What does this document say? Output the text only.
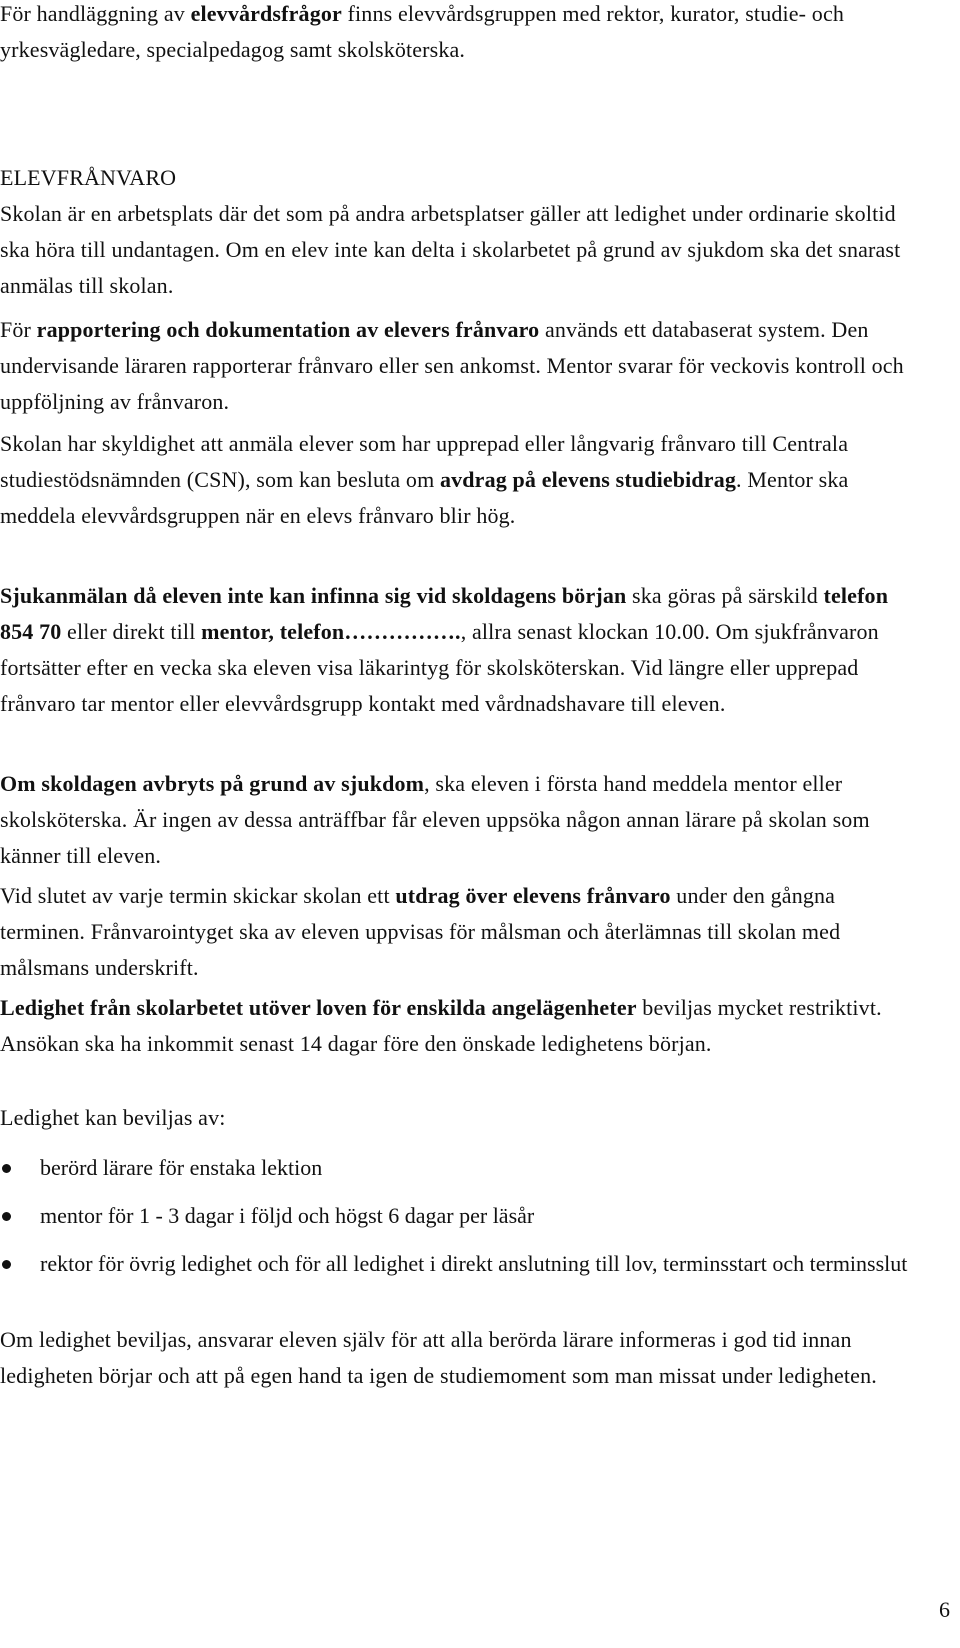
För handläggning av elevvårdsfrågor finns elevvårdsgruppen med rektor, kurator, studie- och yrkesvägledare, specialpedagog samt skolsköterska.

ELEVFRÅNVARO

Skolan är en arbetsplats där det som på andra arbetsplatser gäller att ledighet under ordinarie skoltid ska höra till undantagen. Om en elev inte kan delta i skolarbetet på grund av sjukdom ska det snarast anmälas till skolan.

För rapportering och dokumentation av elevers frånvaro används ett databaserat system. Den undervisande läraren rapporterar frånvaro eller sen ankomst. Mentor svarar för veckovis kontroll och uppföljning av frånvaron.

Skolan har skyldighet att anmäla elever som har upprepad eller långvarig frånvaro till Centrala studiestödsnämnden (CSN), som kan besluta om avdrag på elevens studiebidrag. Mentor ska meddela elevvårdsgruppen när en elevs frånvaro blir hög.

Sjukanmälan då eleven inte kan infinna sig vid skoldagens början ska göras på särskild telefon 854 70 eller direkt till mentor, telefon……………., allra senast klockan 10.00. Om sjukfrånvaron fortsätter efter en vecka ska eleven visa läkarintyg för skolsköterskan. Vid längre eller upprepad frånvaro tar mentor eller elevvårdsgrupp kontakt med vårdnadshavare till eleven.

Om skoldagen avbryts på grund av sjukdom, ska eleven i första hand meddela mentor eller skolsköterska. Är ingen av dessa anträffbar får eleven uppsöka någon annan lärare på skolan som känner till eleven.

Vid slutet av varje termin skickar skolan ett utdrag över elevens frånvaro under den gångna terminen. Frånvarointyget ska av eleven uppvisas för målsman och återlämnas till skolan med målsmans underskrift.

Ledighet från skolarbetet utöver loven för enskilda angelägenheter beviljas mycket restriktivt. Ansökan ska ha inkommit senast 14 dagar före den önskade ledighetens början.

Ledighet kan beviljas av:

berörd lärare för enstaka lektion
mentor för 1 - 3 dagar i följd och högst 6 dagar per läsår
rektor för övrig ledighet och för all ledighet i direkt anslutning till lov, terminsstart och terminsslut

Om ledighet beviljas, ansvarar eleven själv för att alla berörda lärare informeras i god tid innan ledigheten börjar och att på egen hand ta igen de studiemoment som man missat under ledigheten.

6
